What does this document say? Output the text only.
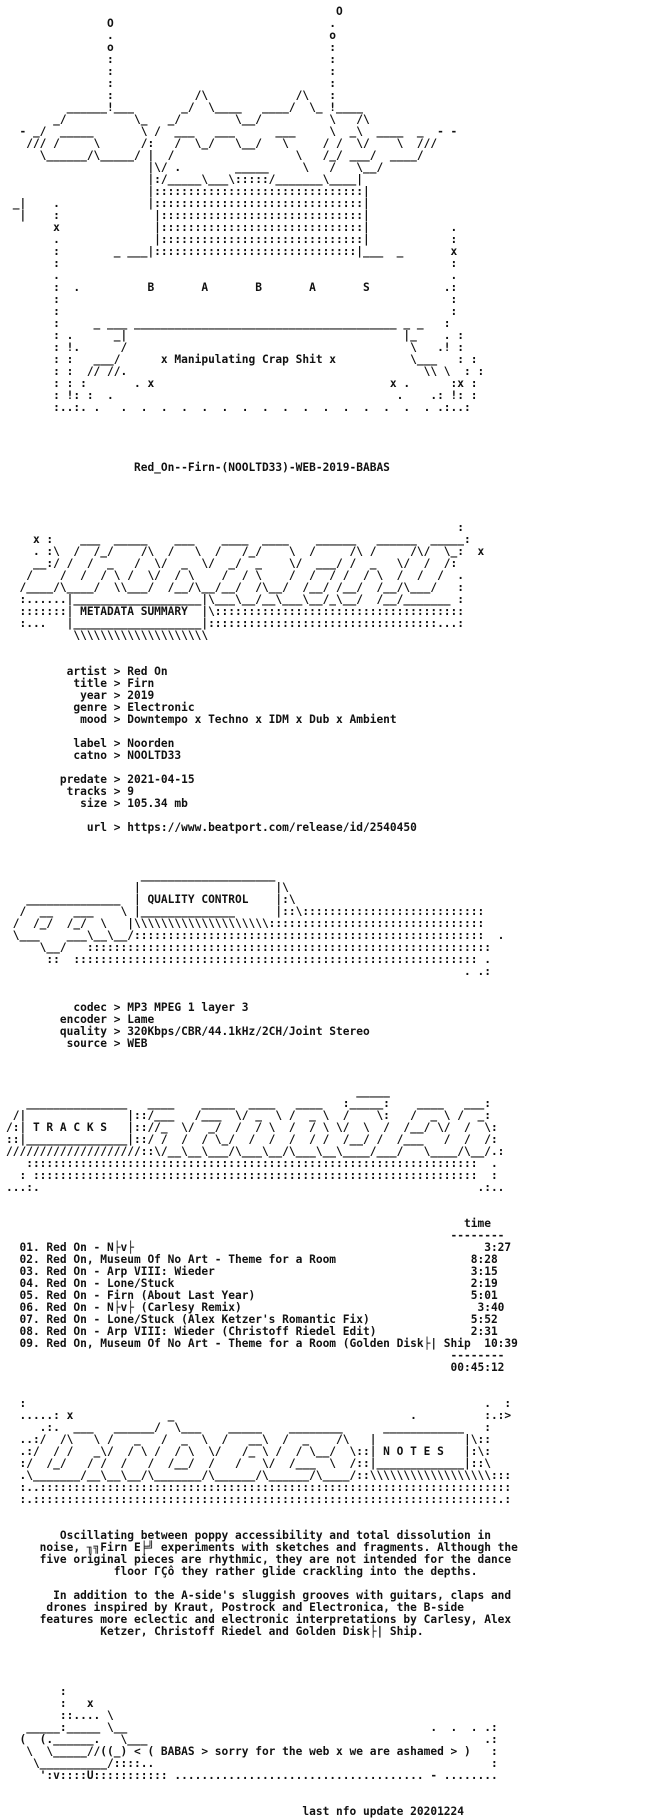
O
O                                .
.                                o
o                                :
:                                :
:                                :
:                                :
:            /\             /\   :
______!___       _/  \____   ____/  \_ !____
_/          \_   _/        \__/          \   /\
- _/  _____       \ /  ___   ___      ___     \  _\  ____  _  - -
/// /     \      /:   /  \_/   \__/   \     / /  \/    \  ///
\______/\_____/ |  /                  \   /_/ ___/  ____/
|\/ .        _____     \   /   \__/
|:/_____\___\:::::/_______\____|
|:::::::::::::::::::::::::::::::|
_|    .             |:::::::::::::::::::::::::::::::|
|    :              |::::::::::::::::::::::::::::::|
x              |::::::::::::::::::::::::::::::|            .
.              |::::::::::::::::::::::::::::::|            :
:        _ ___|::::::::::::::::::::::::::::::|___  _       x
:                                                          :
.                                                          .
:  .          B       A       B       A       S           .:
:                                                          :
:                                                          :
:     _ ___ _______________________________________ _ _   :
: .      _|                                         |_    . :
: !.      /                                          \   .! :
: :   ___/      x Manipulating Crap Shit x           \___   : :
: :  // //.                                            \\ \  : :
: : :       . x                                   x .      :x :
: !: :  .                                          .    .: !: :
:..:. .   .  .  .  .  .  .  .  .  .  .  .  .  .  .  .  . .:..:

Red_On--Firn-(NOOLTD33)-WEB-2019-BABAS

:
x :    ___  _____    ___    ____  ____    ______   ______  _____:
. :\  /  /_/    /\  /   \  /   /_/    \  /     /\ /     /\/  \_:  x
__:/ /  /  _   /  \/  _  \/  _/  _    \/  ___/ /  _   \/  /  /:
/    /  /  / \ /  \/  / \    /  / \    /  /  / /  / \  /  /  /  .
/____/\____/  \\___/  /__/\__/__/  /\__/  /__/ /__/  /__/\___/   :
:......|___________________|\___\__/__\___\__/_\__/  /__/_______ :
:::::::| METADATA SUMMARY  |\:::::::::::::::::::::::::::::::::::::
:...   |___________________|::::::::::::::::::::::::::::::::::...:
\\\\\\\\\\\\\\\\\\\\

artist > Red On
title > Firn
year > 2019
genre > Electronic
mood > Downtempo x Techno x IDM x Dub x Ambient

label > Noorden
catno > NOOLTD33

predate > 2021-04-15
tracks > 9
size > 105.34 mb

url > https://www.beatport.com/release/id/2540450

____________________
|                    |\
______________  | QUALITY CONTROL    |:\
/  __   ___    \ |______________      |::\:::::::::::::::::::::::::::
/  /_/  /_/  \   |\\\\\\\\\\\\\\\\\\\\::::::::::::::::::::::::::::::::
\___    ___\__\__/::::::::::::::::::::::::::::::::::::::::::::::::::::  .
\__/   ::::::::::::::::::::::::::::::::::::::::::::::::::::::::::::
::  :::::::::::::::::::::::::::::::::::::::::::::::::::::::::::: .
. .:

codec > MP3 MPEG 1 layer 3
encoder > Lame
quality > 320Kbps/CBR/44.1kHz/2CH/Joint Stereo
source > WEB

_____
_______________   ____    _____  ____   ____   :_____:    ____   ___:
/|               |::/___   /___  \/ _  \ /  _ \  /    \:   /  _ \ /  _:
/:| T R A C K S   |:://_  \/  _/  /  / \  /  / \ \/  \  /  /__/ \/  /  \:
::|_______________|::/ /  /  / \_/  /  /  /  / /  /__/ /  /___   /  /  /:
////////////////////::\/__\__\___/\___\__/\___\__\____/___/   \____/\__/.:
:::::::::::::::::::::::::::::::::::::::::::::::::::::::::::::::::::  .
: ::::::::::::::::::::::::::::::::::::::::::::::::::::::::::::::::::  :
...:.                                                                 .:..

time
--------
01. Red On - N├v├                                                    3:27
02. Red On, Museum Of No Art - Theme for a Room                    8:28
03. Red On - Arp VIII: Wieder                                      3:15
04. Red On - Lone/Stuck                                            2:19
05. Red On - Firn (About Last Year)                                5:01
06. Red On - N├v├ (Carlesy Remix)                                   3:40
07. Red On - Lone/Stuck (Alex Ketzer's Romantic Fix)               5:52
08. Red On - Arp VIII: Wieder (Christoff Riedel Edit)              2:31
09. Red On, Museum Of No Art - Theme for a Room (Golden Disk├| Ship  10:39
--------
00:45:12

:                                                                    .  :
.....: x              _                                   .          :.:>
.:.  ___   ______/  \___    _____    ________      ____________   :
..:/  /\   \ /   _   /  _  \  /   __\  /  _    /\   |             |\::
.:/  / /   _\/  / \ /  / \  \/   /_ \ /  / \__/  \::| N O T E S   |:\:
:/  /_/   / /  /   /  /__/  /   /   \/  /___  \  /::|_____________|::\
.\_______/__\__\__/\_______/\______/\______/\____/::\\\\\\\\\\\\\\\\\\:::
:..::::::::::::::::::::::::::::::::::::::::::::::::::::::::::::::::::::::
:.:::::::::::::::::::::::::::::::::::::::::::::::::::::::::::::::::::::.:

Oscillating between poppy accessibility and total dissolution in
noise, ╖╗Firn E╞╝ experiments with sketches and fragments. Although the
five original pieces are rhythmic, they are not intended for the dance
floor ΓÇô they rather glide crackling into the depths.

In addition to the A-side's sluggish grooves with guitars, claps and
drones inspired by Kraut, Postrock and Electronica, the B-side
features more eclectic and electronic interpretations by Carlesy, Alex
Ketzer, Christoff Riedel and Golden Disk├| Ship.

:
:   x
::.... \
_____:_____ \__                                             .  .  . .:
(  (.______.   \___                                                  .:
\  \_____//((_) < ( BABAS > sorry for the web x we are ashamed > )   :
\__________/::::..                                                  :
':v::::U::::::::::: ..................................... - ........

last nfo update 20201224
